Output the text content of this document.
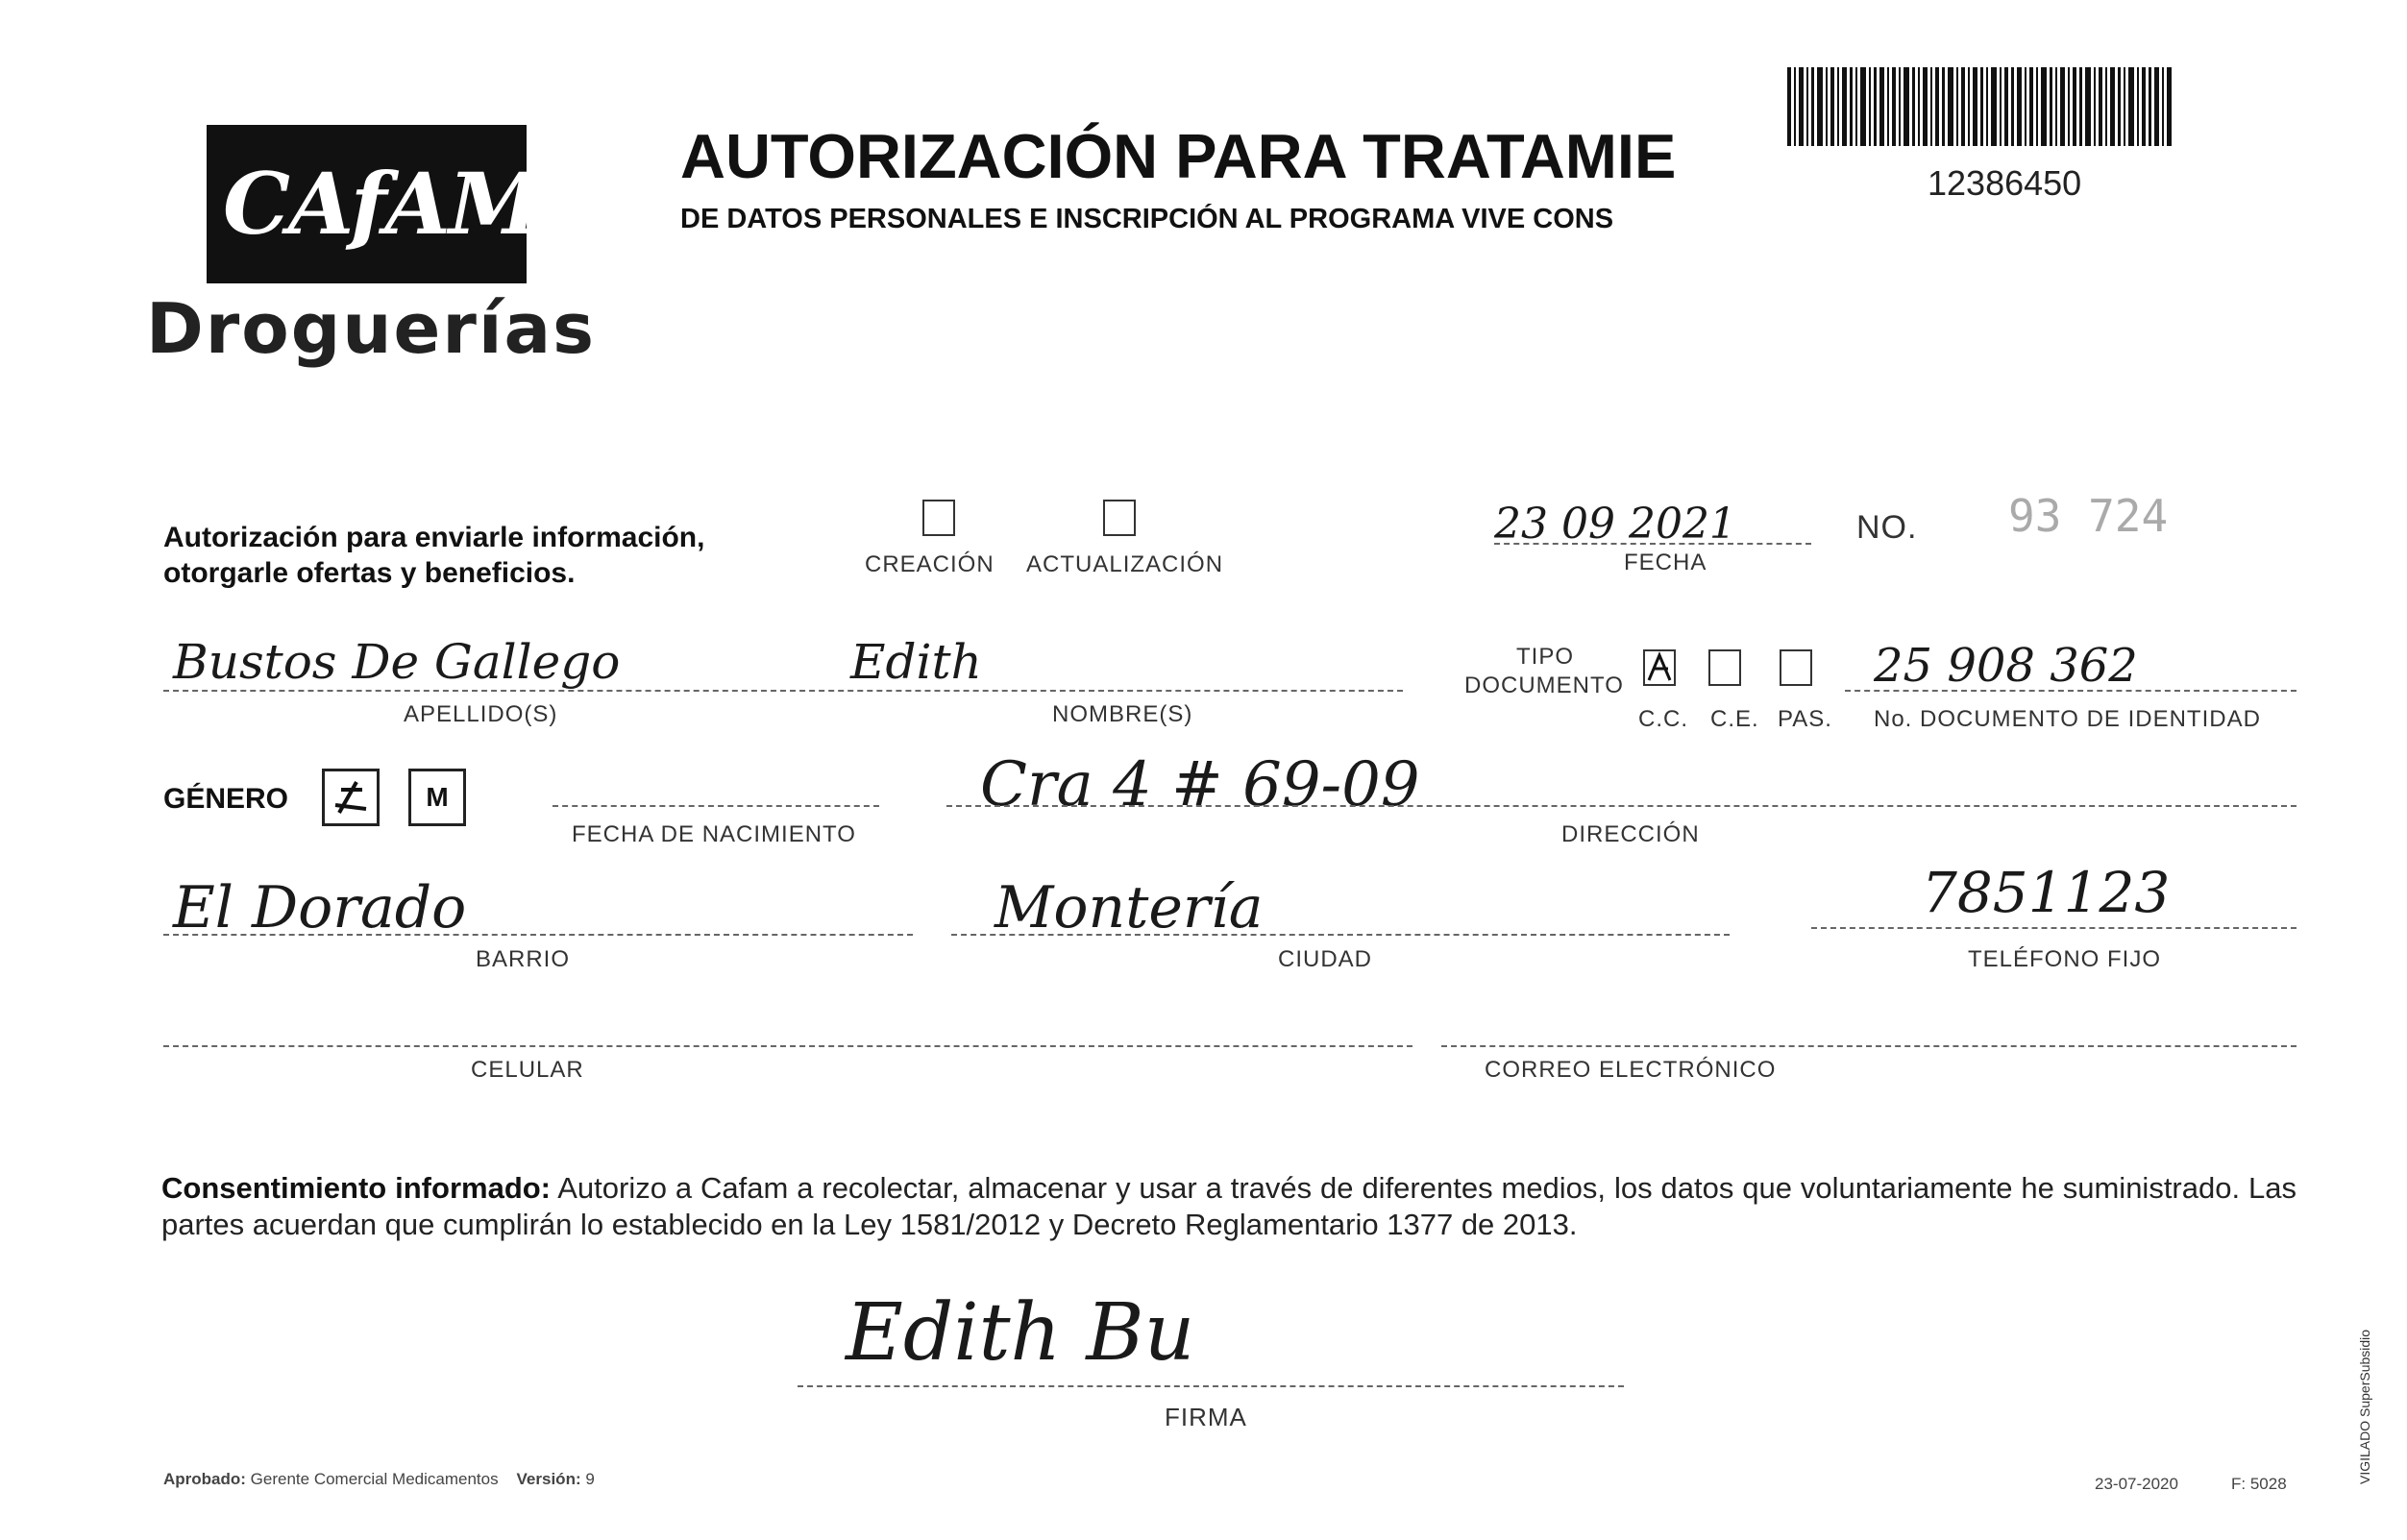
CAfAM
Droguerías
AUTORIZACIÓN PARA TRATAMIE
DE DATOS PERSONALES E INSCRIPCIÓN AL PROGRAMA VIVE CONS
12386450
Autorización para enviarle información,
otorgarle ofertas y beneficios.	CREACIÓN ACTUALIZACIÓN
23 09 2021
FECHA
NO. 93 724
Bustos De Gallego
APELLIDO(S)
Edith
NOMBRE(S)
TIPO
DOCUMENTO
C.C. C.E. PAS.
25 908 362
No. DOCUMENTO DE IDENTIDAD
GÉNERO	M
FECHA DE NACIMIENTO
Cra 4 # 69-09
DIRECCIÓN
El Dorado
BARRIO
Montería
CIUDAD
7851123
TELÉFONO FIJO
CELULAR	CORREO ELECTRÓNICO
Consentimiento informado: Autorizo a Cafam a recolectar, almacenar y usar a través de diferentes medios, los datos que voluntariamente he suministrado. Las partes acuerdan que cumplirán lo establecido en la Ley 1581/2012 y Decreto Reglamentario 1377 de 2013.
Edith Bu
FIRMA
Aprobado: Gerente Comercial Medicamentos Versión: 9	23-07-2020	F: 5028	VIGILADO SuperSubsidio
